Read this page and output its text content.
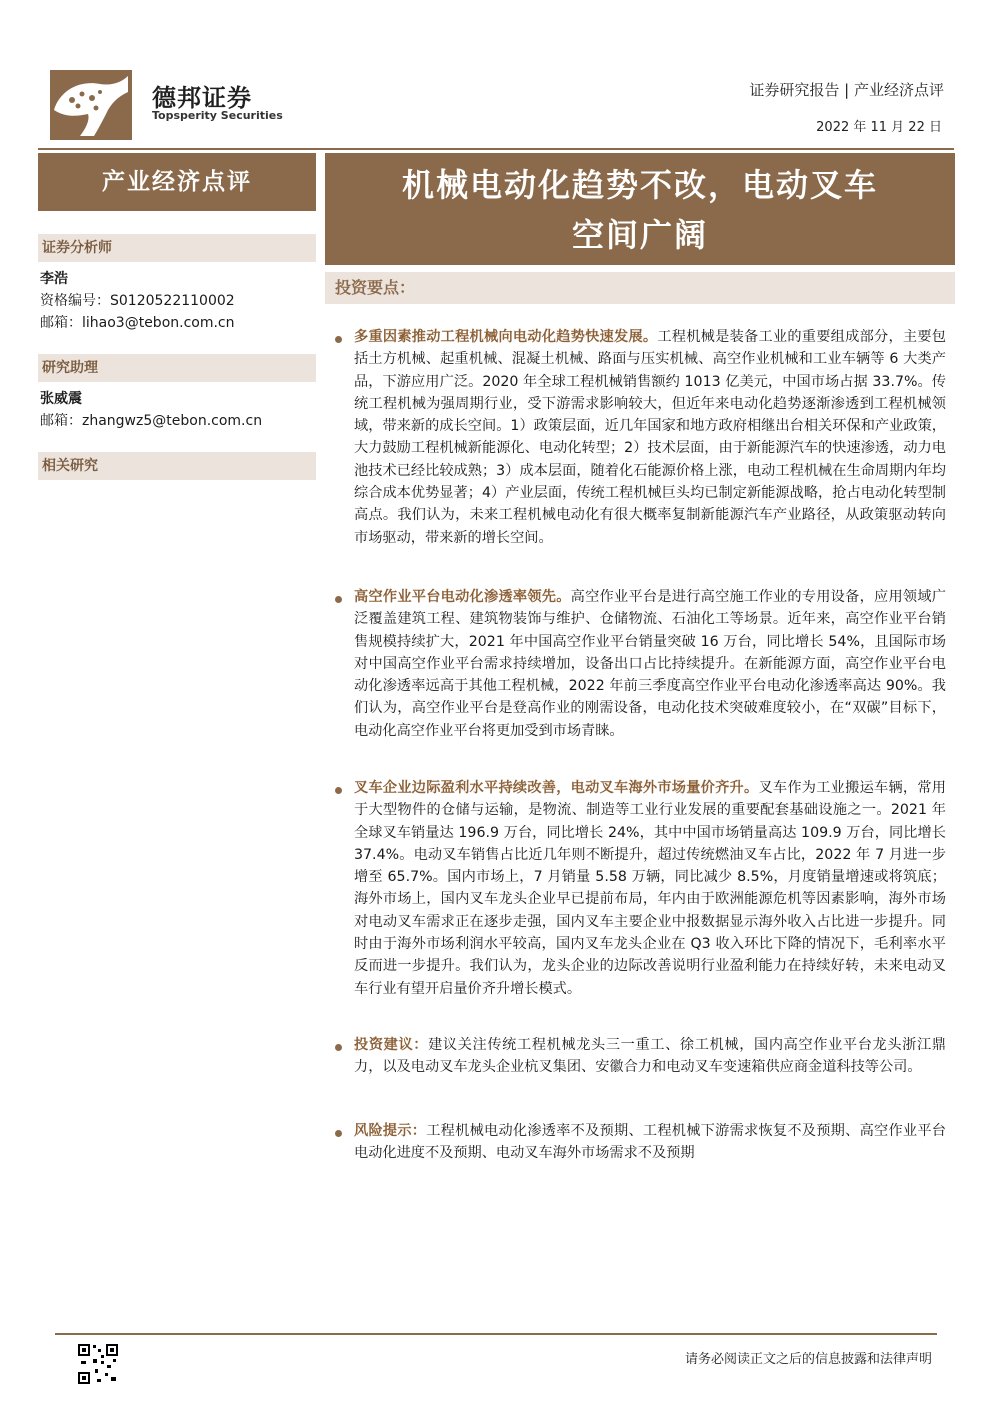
德邦证券
Topsperity Securities
证券研究报告 | 产业经济点评
2022 年 11 月 22 日
产业经济点评	机械电动化趋势不改，电动叉车
空间广阔
证券分析师
李浩
资格编号：S0120522110002
邮箱：lihao3@tebon.com.cn
研究助理
张威震
邮箱：zhangwz5@tebon.com.cn
相关研究
投资要点：
多重因素推动工程机械向电动化趋势快速发展。工程机械是装备工业的重要组成部分，主要包括土方机械、起重机械、混凝土机械、路面与压实机械、高空作业机械和工业车辆等 6 大类产品，下游应用广泛。2020 年全球工程机械销售额约 1013 亿美元，中国市场占据 33.7%。传统工程机械为强周期行业，受下游需求影响较大，但近年来电动化趋势逐渐渗透到工程机械领域，带来新的成长空间。1）政策层面，近几年国家和地方政府相继出台相关环保和产业政策，大力鼓励工程机械新能源化、电动化转型；2）技术层面，由于新能源汽车的快速渗透，动力电池技术已经比较成熟；3）成本层面，随着化石能源价格上涨，电动工程机械在生命周期内年均综合成本优势显著；4）产业层面，传统工程机械巨头均已制定新能源战略，抢占电动化转型制高点。我们认为，未来工程机械电动化有很大概率复制新能源汽车产业路径，从政策驱动转向市场驱动，带来新的增长空间。
高空作业平台电动化渗透率领先。高空作业平台是进行高空施工作业的专用设备，应用领域广泛覆盖建筑工程、建筑物装饰与维护、仓储物流、石油化工等场景。近年来，高空作业平台销售规模持续扩大，2021 年中国高空作业平台销量突破 16 万台，同比增长 54%，且国际市场对中国高空作业平台需求持续增加，设备出口占比持续提升。在新能源方面，高空作业平台电动化渗透率远高于其他工程机械，2022 年前三季度高空作业平台电动化渗透率高达 90%。我们认为，高空作业平台是登高作业的刚需设备，电动化技术突破难度较小，在“双碳”目标下，电动化高空作业平台将更加受到市场青睐。
叉车企业边际盈利水平持续改善，电动叉车海外市场量价齐升。叉车作为工业搬运车辆，常用于大型物件的仓储与运输，是物流、制造等工业行业发展的重要配套基础设施之一。2021 年全球叉车销量达 196.9 万台，同比增长 24%，其中中国市场销量高达 109.9 万台，同比增长 37.4%。电动叉车销售占比近几年则不断提升，超过传统燃油叉车占比，2022 年 7 月进一步增至 65.7%。国内市场上，7 月销量 5.58 万辆，同比减少 8.5%，月度销量增速或将筑底；海外市场上，国内叉车龙头企业早已提前布局，年内由于欧洲能源危机等因素影响，海外市场对电动叉车需求正在逐步走强，国内叉车主要企业中报数据显示海外收入占比进一步提升。同时由于海外市场利润水平较高，国内叉车龙头企业在 Q3 收入环比下降的情况下，毛利率水平反而进一步提升。我们认为，龙头企业的边际改善说明行业盈利能力在持续好转，未来电动叉车行业有望开启量价齐升增长模式。
投资建议：建议关注传统工程机械龙头三一重工、徐工机械，国内高空作业平台龙头浙江鼎力，以及电动叉车龙头企业杭叉集团、安徽合力和电动叉车变速箱供应商金道科技等公司。
风险提示：工程机械电动化渗透率不及预期、工程机械下游需求恢复不及预期、高空作业平台电动化进度不及预期、电动叉车海外市场需求不及预期
请务必阅读正文之后的信息披露和法律声明
